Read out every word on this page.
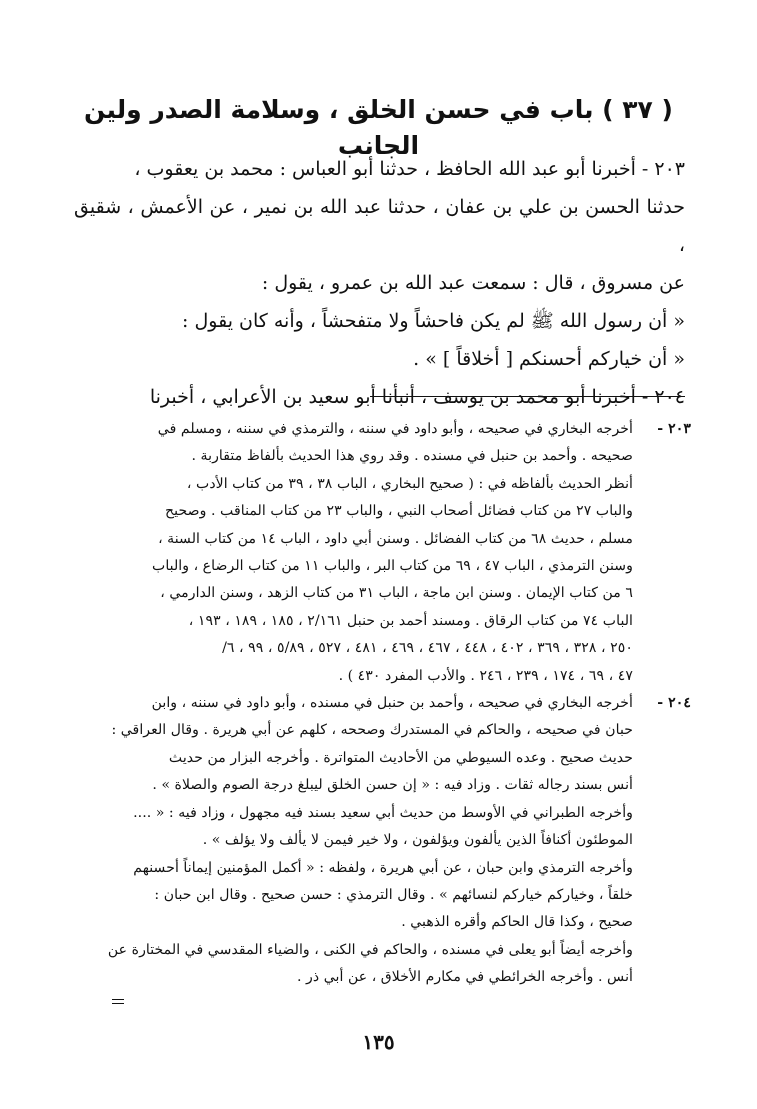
( ٣٧ ) باب في حسن الخلق ، وسلامة الصدر ولين الجانب

٢٠٣ - أخبرنا أبو عبد الله الحافظ ، حدثنا أبو العباس : محمد بن يعقوب ،

حدثنا الحسن بن علي بن عفان ، حدثنا عبد الله بن نمير ، عن الأعمش ، شقيق ،

عن مسروق ، قال : سمعت عبد الله بن عمرو ، يقول :

« أن رسول الله ﷺ لم يكن فاحشاً ولا متفحشاً ، وأنه كان يقول :

« أن خياركم أحسنكم [ أخلاقاً ] » .

٢٠٤ - أخبرنا أبو محمد بن يوسف ، أنبأنا أبو سعيد بن الأعرابي ، أخبرنا

٢٠٣ -
أخرجه البخاري في صحيحه ، وأبو داود في سننه ، والترمذي في سننه ، ومسلم في
صحيحه . وأحمد بن حنبل في مسنده . وقد روي هذا الحديث بألفاظ متقاربة .
أنظر الحديث بألفاظه في : ( صحيح البخاري ، الباب ٣٨ ، ٣٩ من كتاب الأدب ،
والباب ٢٧ من كتاب فضائل أصحاب النبي ، والباب ٢٣ من كتاب المناقب . وصحيح
مسلم ، حديث ٦٨ من كتاب الفضائل . وسنن أبي داود ، الباب ١٤ من كتاب السنة ،
وسنن الترمذي ، الباب ٤٧ ، ٦٩ من كتاب البر ، والباب ١١ من كتاب الرضاع ، والباب
٦ من كتاب الإيمان . وسنن ابن ماجة ، الباب ٣١ من كتاب الزهد ، وسنن الدارمي ،
الباب ٧٤ من كتاب الرقاق . ومسند أحمد بن حنبل ٢/١٦١ ، ١٨٥ ، ١٨٩ ، ١٩٣ ،
٢٥٠ ، ٣٢٨ ، ٣٦٩ ، ٤٠٢ ، ٤٤٨ ، ٤٦٧ ، ٤٦٩ ، ٤٨١ ، ٥٢٧ ، ٥/٨٩ ، ٩٩ ، ٦/
٤٧ ، ٦٩ ، ١٧٤ ، ٢٣٩ ، ٢٤٦ . والأدب المفرد ٤٣٠ ) .
٢٠٤ -
أخرجه البخاري في صحيحه ، وأحمد بن حنبل في مسنده ، وأبو داود في سننه ، وابن
حبان في صحيحه ، والحاكم في المستدرك وصححه ، كلهم عن أبي هريرة . وقال العراقي :
حديث صحيح . وعده السيوطي من الأحاديث المتواترة . وأخرجه البزار من حديث
أنس بسند رجاله ثقات . وزاد فيه : « إن حسن الخلق ليبلغ درجة الصوم والصلاة » .
وأخرجه الطبراني في الأوسط من حديث أبي سعيد بسند فيه مجهول ، وزاد فيه : « ....
الموطئون أكنافاً الذين يألفون ويؤلفون ، ولا خير فيمن لا يألف ولا يؤلف » .
وأخرجه الترمذي وابن حبان ، عن أبي هريرة ، ولفظه : « أكمل المؤمنين إيماناً أحسنهم
خلقاً ، وخياركم خياركم لنسائهم » . وقال الترمذي : حسن صحيح . وقال ابن حبان :
صحيح ، وكذا قال الحاكم وأقره الذهبي .
وأخرجه أيضاً أبو يعلى في مسنده ، والحاكم في الكنى ، والضياء المقدسي في المختارة عن
أنس . وأخرجه الخرائطي في مكارم الأخلاق ، عن أبي ذر .
١٣٥
